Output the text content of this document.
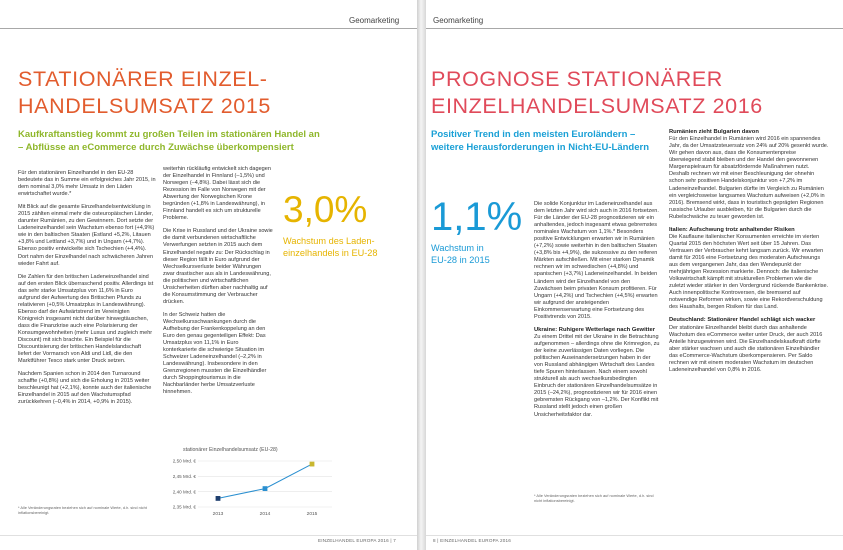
Geomarketing
STATIONÄRER EINZEL-
HANDELSUMSATZ 2015
Kaufkraftanstieg kommt zu großen Teilen im stationären Handel an
– Abflüsse an eCommerce durch Zuwächse überkompensiert

Für den stationären Einzelhandel in den EU-28 bedeutete das in Summe ein erfolgreiches Jahr 2015, in dem nominal 3,0% mehr Umsatz in den Läden erwirtschaftet wurde.*

Mit Blick auf die gesamte Einzelhandelsentwicklung in 2015 zählten einmal mehr die osteuropäischen Länder, darunter Rumänien, zu den Gewinnern. Dort setzte der Ladeneinzelhandel sein Wachstum ebenso fort (+4,9%) wie in den baltischen Staaten (Estland +5,2%, Litauen +3,8% und Lettland +3,7%) und in Ungarn (+4,7%). Ebenso positiv entwickelte sich Tschechien (+4,4%). Dort nahm der Einzelhandel nach schwächeren Jahren wieder Fahrt auf.

Die Zahlen für den britischen Ladeneinzelhandel sind auf den ersten Blick überraschend positiv. Allerdings ist das sehr starke Umsatzplus von 11,6% in Euro aufgrund der Aufwertung des Britischen Pfunds zu relativieren (+0,5% Umsatzplus in Landeswährung). Ebenso darf der Aufwärtstrend im Vereinigten Königreich insgesamt nicht darüber hinwegtäuschen, dass die Finanzkrise auch eine Polarisierung der Konsumgewohnheiten (mehr Luxus und zugleich mehr Discount) mit sich brachte. Ein Beispiel für die Discountisierung der britischen Handelslandschaft liefert der Vormarsch von Aldi und Lidl, die den Marktführer Tesco stark unter Druck setzen.

Nachdem Spanien schon in 2014 den Turnaround schaffte (+0,8%) und sich die Erholung in 2015 weiter beschleunigt hat (+2,1%), konnte auch der italienische Einzelhandel in 2015 auf den Wachstumspfad zurückkehren (–0,4% in 2014, +0,9% in 2015).

weiterhin rückläufig entwickelt sich dagegen der Einzelhandel in Finnland (–1,5%) und Norwegen (–4,8%). Dabei lässt sich die Rezession im Falle von Norwegen mit der Abwertung der Norwegischen Krone begründen (+1,8% in Landeswährung), in Finnland handelt es sich um strukturelle Probleme.

Die Krise in Russland und der Ukraine sowie die damit verbundenen wirtschaftliche Verwerfungen setzten in 2015 auch dem Einzelhandel negativ zu: Der Rückschlag in dieser Region fällt in Euro aufgrund der Wechselkursverluste beider Währungen zwar drastischer aus als in Landeswährung, die politischen und wirtschaftlichen Unsicherheiten dürften aber nachhaltig auf die Konsumstimmung der Verbraucher drücken.

In der Schweiz hatten die Wechselkursschwankungen durch die Aufhebung der Frankenkoppelung an den Euro den genau gegenteiligen Effekt: Das Umsatzplus von 11,1% in Euro konterkarierte die schwierige Situation im Schweizer Ladeneinzelhandel (–2,2% in Landeswährung). Insbesondere in den Grenzregionen mussten die Einzelhändler durch Shoppingtourismus in die Nachbarländer herbe Umsatzverluste hinnehmen.

3,0%
Wachstum des Laden-
einzelhandels in EU-28
stationärer Einzelhandelsumsatz (EU-28)
2,50 Mrd. €
2,45 Mrd. €
2,40 Mrd. €
2,35 Mrd. €
2013	2014	2015
* Alle Veränderungsraten beziehen sich auf nominale Werte, d.h. sind nicht inflationsbereinigt.
EINZELHANDEL EUROPA 2016 | 7
Geomarketing
PROGNOSE STATIONÄRER
EINZELHANDELSUMSATZ 2016
Positiver Trend in den meisten Euroländern –
weitere Herausforderungen in Nicht-EU-Ländern
1,1%
Wachstum in
EU-28 in 2015

Die solide Konjunktur im Ladeneinzelhandel aus dem letzten Jahr wird sich auch in 2016 fortsetzen. Für die Länder der EU-28 prognostizieren wir ein anhaltendes, jedoch insgesamt etwas gebremstes nominales Wachstum von 1,1%.* Besonders positive Entwicklungen erwarten wir in Rumänien (+7,2%) sowie weiterhin in den baltischen Staaten (+3,8% bis +4,9%), die sukzessive zu den reiferen Märkten aufschließen. Mit einer starken Dynamik rechnen wir im schwedischen (+4,8%) und spanischen (+3,7%) Ladeneinzelhandel. In beiden Ländern wird der Einzelhandel von den Zuwächsen beim privaten Konsum profitieren. Für Ungarn (+4,2%) und Tschechien (+4,5%) erwarten wir aufgrund der ansteigenden Einkommenserwartung eine Fortsetzung des Positivtrends von 2015.

Ukraine: Ruhigere Wetterlage nach Gewitter

Zu einem Drittel mit der Ukraine in die Betrachtung aufgenommen – allerdings ohne die Krimregion, zu der keine zuverlässigen Daten vorliegen. Die politischen Auseinandersetzungen haben in der von Russland abhängigen Wirtschaft des Landes tiefe Spuren hinterlassen. Nach einem sowohl strukturell als auch wechselkursbedingten Einbruch der stationären Einzelhandelsumsätze in 2015 (–24,2%), prognostizieren wir für 2016 einen gebremsten Rückgang von –1,2%. Der Konflikt mit Russland stellt jedoch einen großen Unsicherheitsfaktor dar.

Rumänien zieht Bulgarien davon

Für den Einzelhandel in Rumänien wird 2016 ein spannendes Jahr, da der Umsatzsteuersatz von 24% auf 20% gesenkt wurde. Wir gehen davon aus, dass die Konsumentenpreise überwiegend stabil bleiben und der Handel den gewonnenen Margenspielraum für absatzfördernde Maßnahmen nutzt. Deshalb rechnen wir mit einer Beschleunigung der ohnehin schon sehr positiven Handelskonjunktur von +7,2% im Ladeneinzelhandel. Bulgarien dürfte im Vergleich zu Rumänien ein vergleichsweise langsames Wachstum aufweisen (+2,0% in 2016). Bremsend wirkt, dass in touristisch geprägten Regionen russische Urlauber ausbleiben, für die Bulgarien durch die Rubelschwäche zu teuer geworden ist.

Italien: Aufschwung trotz anhaltender Risiken

Die Kauflaune italienischer Konsumenten erreichte im vierten Quartal 2015 den höchsten Wert seit über 15 Jahren. Das Vertrauen der Verbraucher kehrt langsam zurück. Wir erwarten damit für 2016 eine Fortsetzung des moderaten Aufschwungs aus dem vergangenen Jahr, das den Wendepunkt der mehrjährigen Rezession markierte. Dennoch: die italienische Volkswirtschaft kämpft mit strukturellen Problemen wie die zuletzt wieder stärker in den Vordergrund rückende Bankenkrise. Auch innenpolitische Kontroversen, die bremsend auf notwendige Reformen wirken, sowie eine Rekordverschuldung des Haushalts, bergen Risiken für das Land.

Deutschland: Stationärer Handel schlägt sich wacker

Der stationäre Einzelhandel bleibt durch das anhaltende Wachstum des eCommerce weiter unter Druck, der auch 2016 Anteile hinzugewinnen wird. Die Einzelhandelskaufkraft dürfte aber stärker wachsen und auch die stationären Einzelhändler das eCommerce-Wachstum überkompensieren. Per Saldo rechnen wir mit einem moderaten Wachstum im deutschen Ladeneinzelhandel von 0,8% in 2016.

* Alle Veränderungsraten beziehen sich auf nominale Werte, d.h. sind nicht inflationsbereinigt.
8 | EINZELHANDEL EUROPA 2016
